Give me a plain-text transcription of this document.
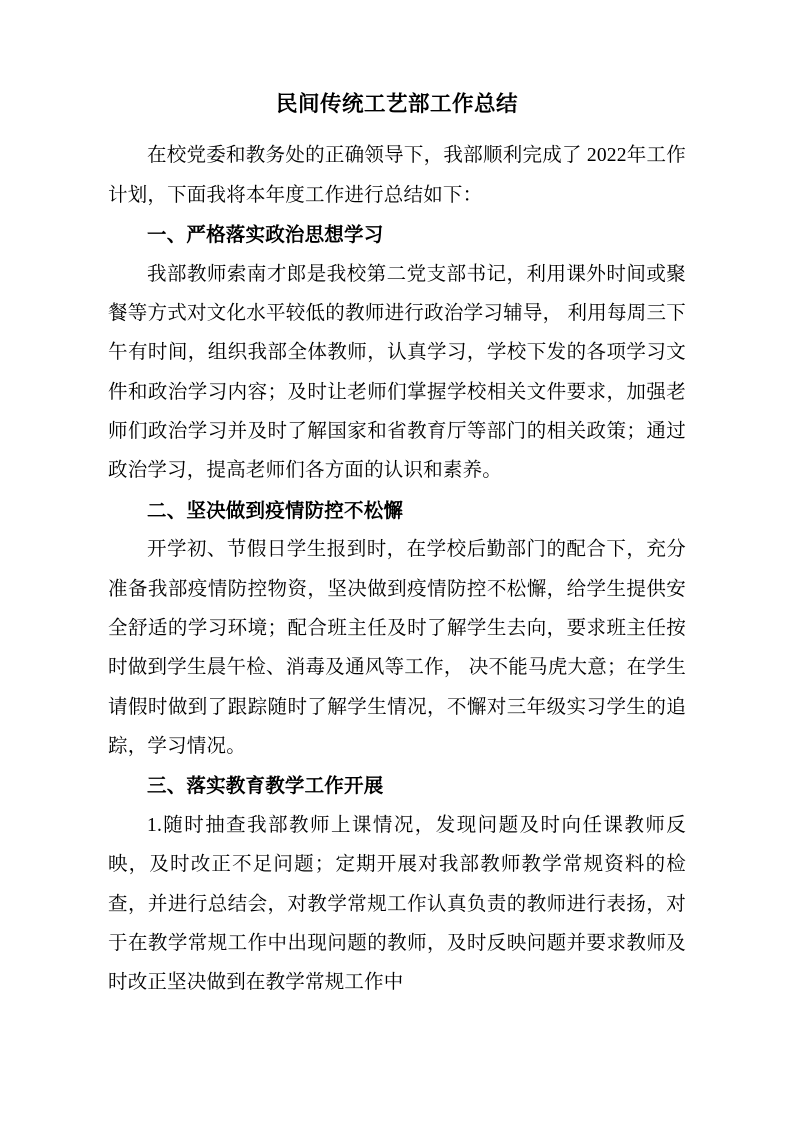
民间传统工艺部工作总结

在校党委和教务处的正确领导下，我部顺利完成了 2022年工作计划，下面我将本年度工作进行总结如下：

一、严格落实政治思想学习

我部教师索南才郎是我校第二党支部书记，利用课外时间或聚餐等方式对文化水平较低的教师进行政治学习辅导， 利用每周三下午有时间，组织我部全体教师，认真学习，学校下发的各项学习文件和政治学习内容；及时让老师们掌握学校相关文件要求，加强老师们政治学习并及时了解国家和省教育厅等部门的相关政策；通过政治学习，提高老师们各方面的认识和素养。

二、坚决做到疫情防控不松懈

开学初、节假日学生报到时，在学校后勤部门的配合下，充分准备我部疫情防控物资，坚决做到疫情防控不松懈，给学生提供安全舒适的学习环境；配合班主任及时了解学生去向，要求班主任按时做到学生晨午检、消毒及通风等工作， 决不能马虎大意；在学生请假时做到了跟踪随时了解学生情况，不懈对三年级实习学生的追踪，学习情况。

三、落实教育教学工作开展

1.随时抽查我部教师上课情况，发现问题及时向任课教师反映，及时改正不足问题；定期开展对我部教师教学常规资料的检查，并进行总结会，对教学常规工作认真负责的教师进行表扬，对于在教学常规工作中出现问题的教师，及时反映问题并要求教师及时改正坚决做到在教学常规工作中
